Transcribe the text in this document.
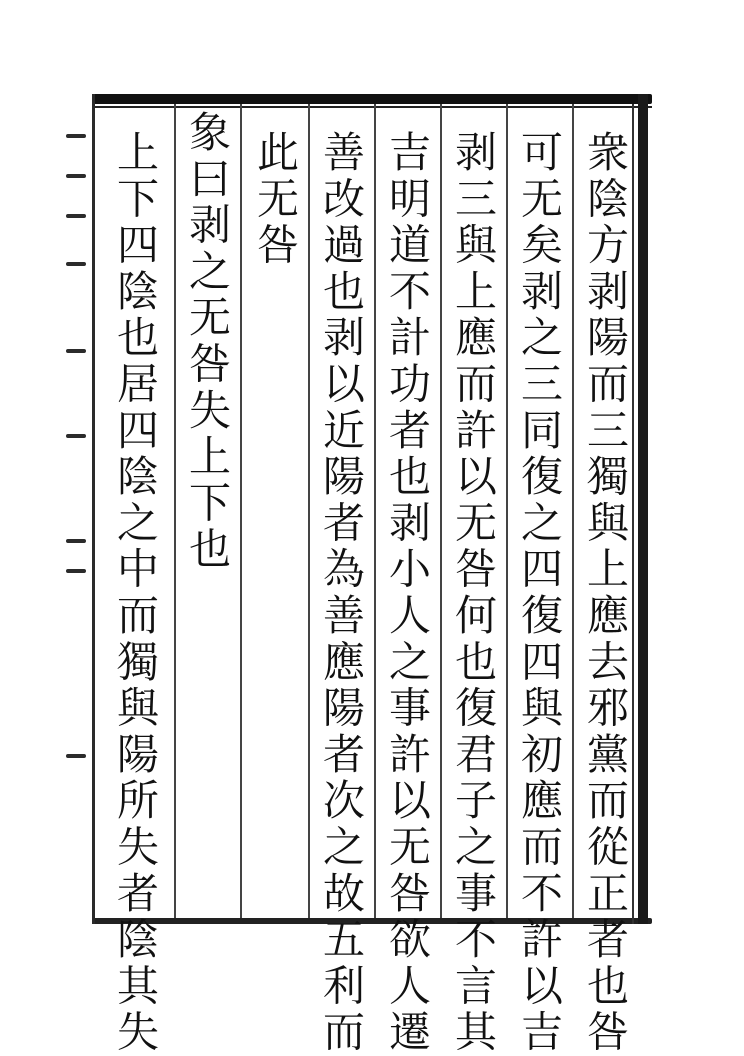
衆陰方剥陽而三獨與上應去邪黨而從正者也咎
可无矣剥之三同復之四復四與初應而不許以吉
剥三與上應而許以无咎何也復君子之事不言其
吉明道不計功者也剥小人之事許以无咎欲人遷
善改過也剥以近陽者為善應陽者次之故五利而
此无咎
象曰剥之无咎失上下也
上下四陰也居四陰之中而獨與陽所失者陰其失
